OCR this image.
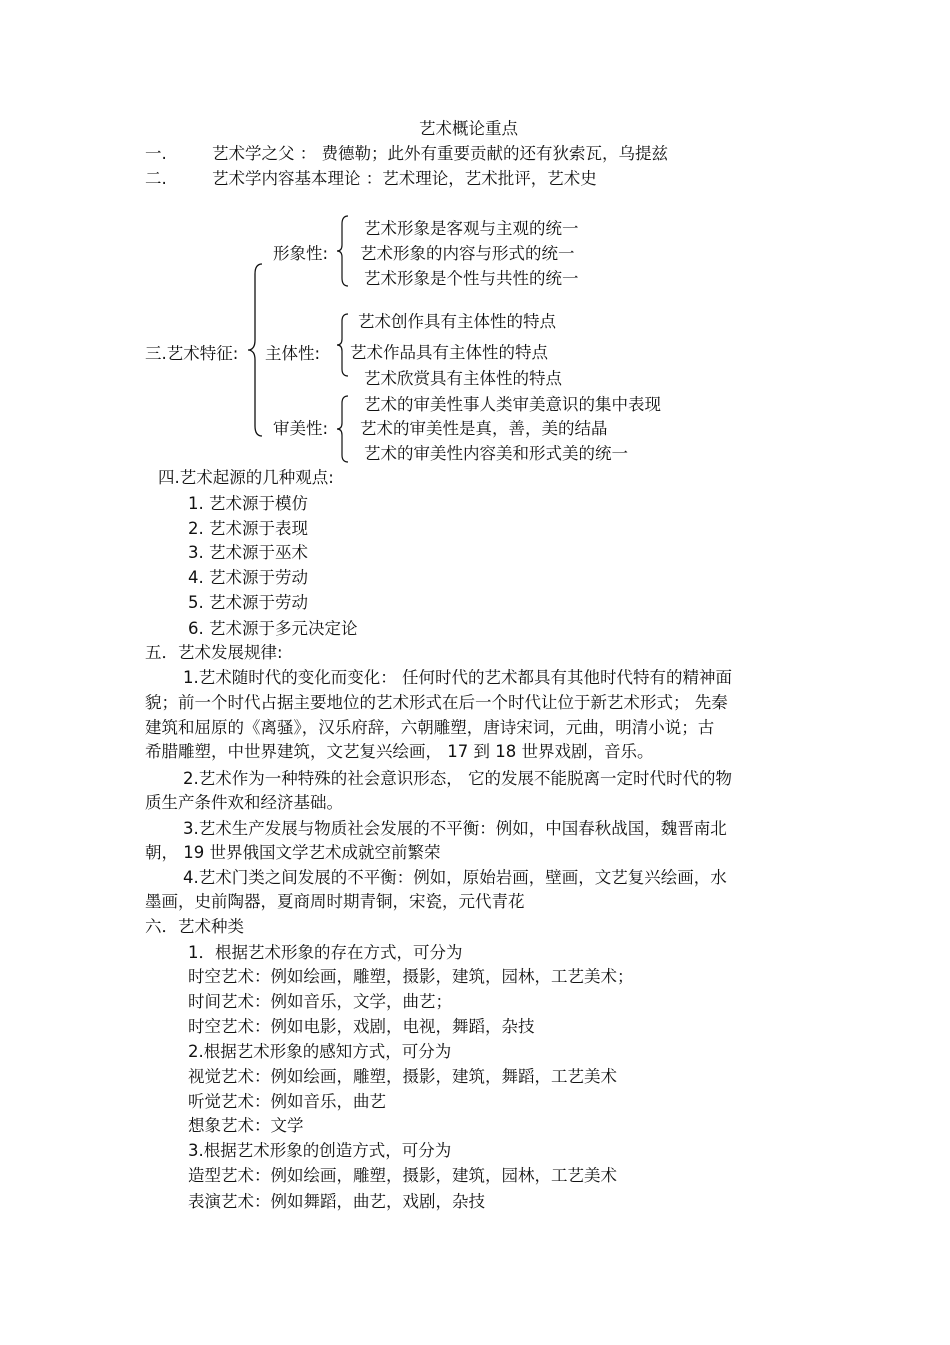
艺术概论重点
一.	艺术学之父 ： 费德勒；此外有重要贡献的还有狄索瓦，乌提兹
二.	艺术学内容基本理论 ：艺术理论，艺术批评，艺术史
三.艺术特征:
形象性:
艺术形象是客观与主观的统一
艺术形象的内容与形式的统一
艺术形象是个性与共性的统一
主体性:
艺术创作具有主体性的特点
艺术作品具有主体性的特点
艺术欣赏具有主体性的特点
审美性:
艺术的审美性事人类审美意识的集中表现
艺术的审美性是真，善，美的结晶
艺术的审美性内容美和形式美的统一
四.艺术起源的几种观点:
1. 艺术源于模仿
2. 艺术源于表现
3. 艺术源于巫术
4. 艺术源于劳动
5. 艺术源于劳动
6. 艺术源于多元决定论
五．艺术发展规律:
1.艺术随时代的变化而变化： 任何时代的艺术都具有其他时代特有的精神面
貌；前一个时代占据主要地位的艺术形式在后一个时代让位于新艺术形式； 先秦
建筑和屈原的《离骚》，汉乐府辞，六朝雕塑，唐诗宋词，元曲，明清小说；古
希腊雕塑，中世界建筑，文艺复兴绘画， 17 到 18 世界戏剧，音乐。
2.艺术作为一种特殊的社会意识形态， 它的发展不能脱离一定时代时代的物
质生产条件欢和经济基础。
3.艺术生产发展与物质社会发展的不平衡：例如，中国春秋战国，魏晋南北
朝， 19 世界俄国文学艺术成就空前繁荣
4.艺术门类之间发展的不平衡：例如，原始岩画，壁画，文艺复兴绘画，水
墨画，史前陶器，夏商周时期青铜，宋瓷，元代青花
六．艺术种类
1．根据艺术形象的存在方式，可分为
时空艺术：例如绘画，雕塑，摄影，建筑，园林，工艺美术；
时间艺术：例如音乐，文学，曲艺；
时空艺术：例如电影，戏剧，电视，舞蹈，杂技
2.根据艺术形象的感知方式，可分为
视觉艺术：例如绘画，雕塑，摄影，建筑，舞蹈，工艺美术
听觉艺术：例如音乐，曲艺
想象艺术：文学
3.根据艺术形象的创造方式，可分为
造型艺术：例如绘画，雕塑，摄影，建筑，园林，工艺美术
表演艺术：例如舞蹈，曲艺，戏剧，杂技
